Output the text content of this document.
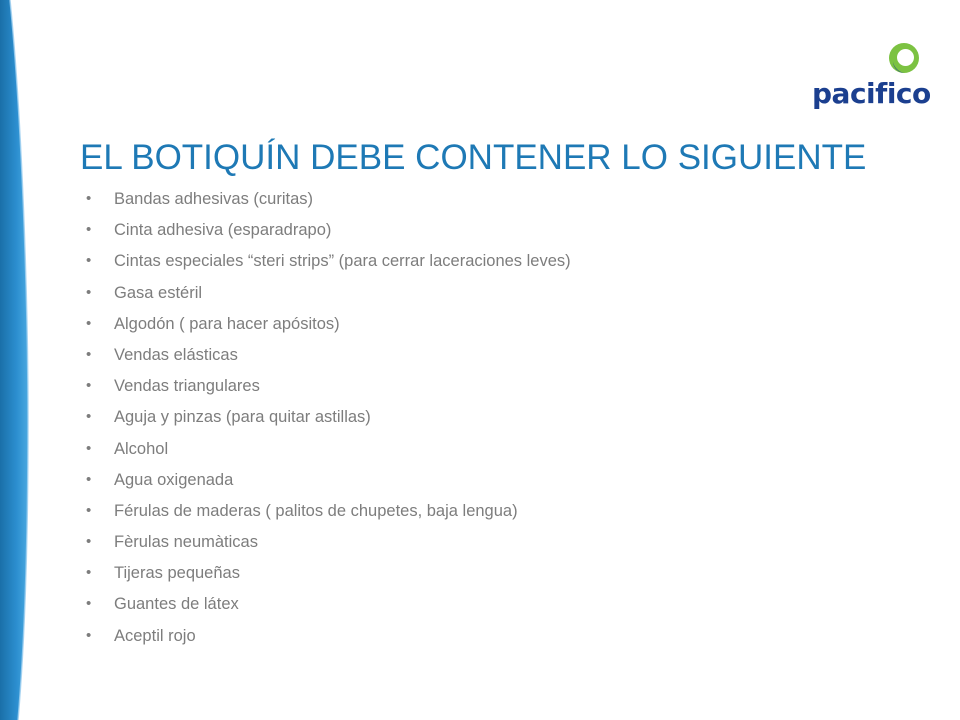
pacifico
EL BOTIQUÍN DEBE CONTENER LO SIGUIENTE
• Bandas adhesivas (curitas)
• Cinta adhesiva (esparadrapo)
• Cintas especiales “steri strips” (para cerrar laceraciones leves)
• Gasa estéril
• Algodón ( para hacer apósitos)
• Vendas elásticas
• Vendas triangulares
• Aguja y pinzas (para quitar astillas)
• Alcohol
• Agua oxigenada
• Férulas de maderas ( palitos de chupetes, baja lengua)
• Fèrulas neumàticas
• Tijeras pequeñas
• Guantes de látex
• Aceptil rojo
